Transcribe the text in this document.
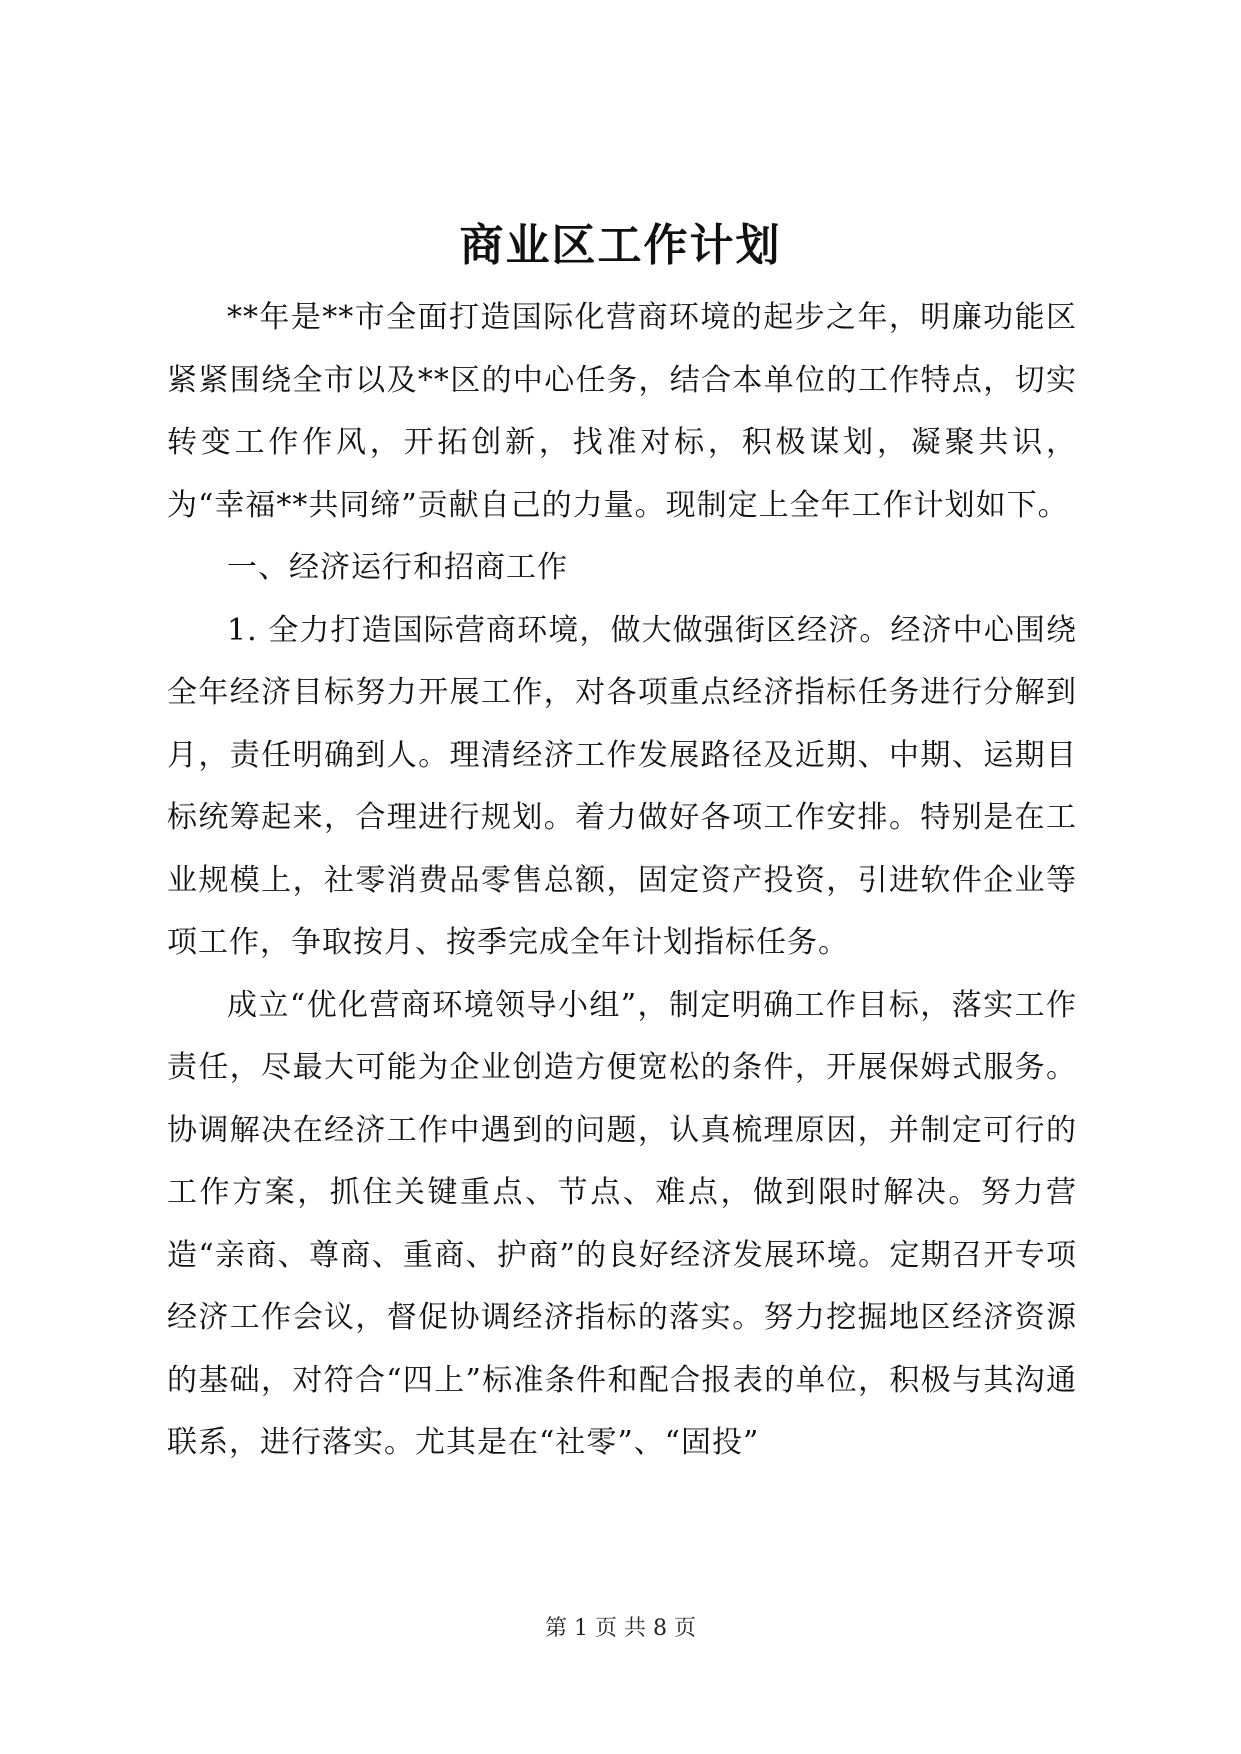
商业区工作计划

**年是**市全面打造国际化营商环境的起步之年，明廉功能区紧紧围绕全市以及**区的中心任务，结合本单位的工作特点，切实转变工作作风，开拓创新，找准对标，积极谋划，凝聚共识，为“幸福**共同缔”贡献自己的力量。现制定上全年工作计划如下。

一、经济运行和招商工作

1. 全力打造国际营商环境，做大做强街区经济。经济中心围绕全年经济目标努力开展工作，对各项重点经济指标任务进行分解到月，责任明确到人。理清经济工作发展路径及近期、中期、运期目标统筹起来，合理进行规划。着力做好各项工作安排。特别是在工业规模上，社零消费品零售总额，固定资产投资，引进软件企业等项工作，争取按月、按季完成全年计划指标任务。

成立“优化营商环境领导小组”，制定明确工作目标，落实工作责任，尽最大可能为企业创造方便宽松的条件，开展保姆式服务。协调解决在经济工作中遇到的问题，认真梳理原因，并制定可行的工作方案，抓住关键重点、节点、难点，做到限时解决。努力营造“亲商、尊商、重商、护商”的良好经济发展环境。定期召开专项经济工作会议，督促协调经济指标的落实。努力挖掘地区经济资源的基础，对符合“四上”标准条件和配合报表的单位，积极与其沟通联系，进行落实。尤其是在“社零”、“固投”

第 1 页 共 8 页
